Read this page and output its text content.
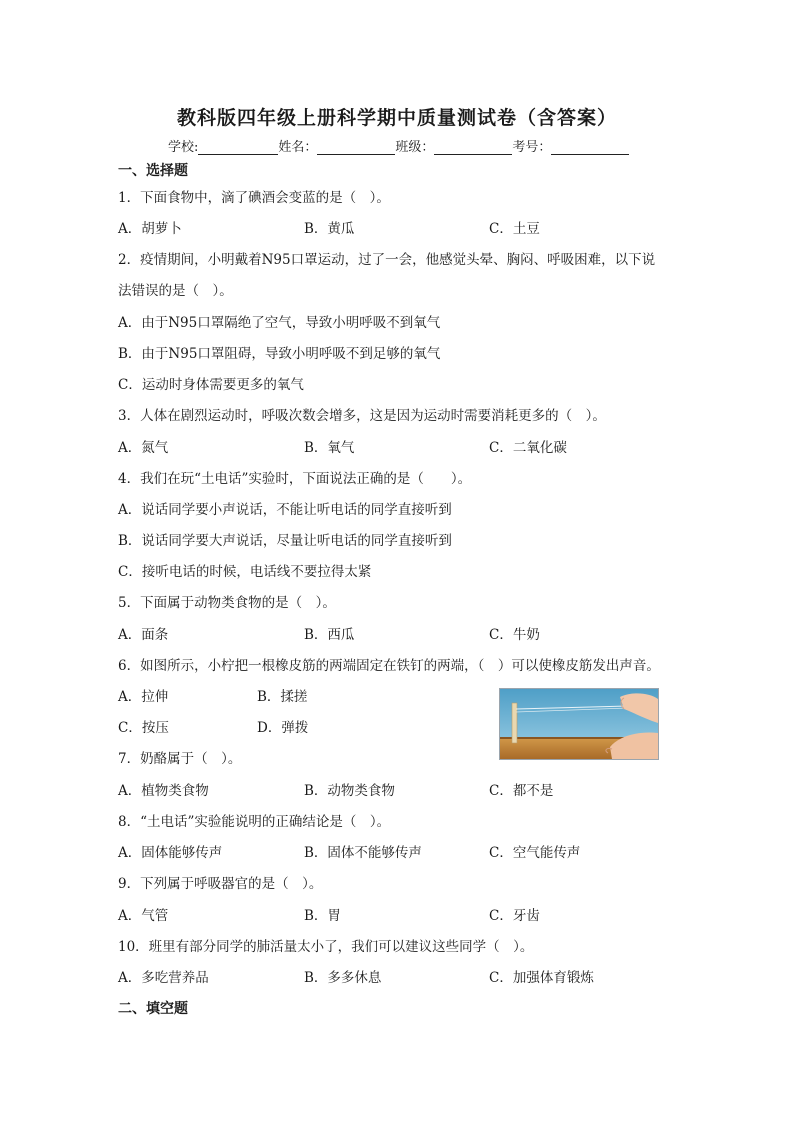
教科版四年级上册科学期中质量测试卷（含答案）
学校:	姓名：	班级：	考号：
一、选择题
1．下面食物中，滴了碘酒会变蓝的是（　）。
A．胡萝卜	B．黄瓜	C．土豆
2．疫情期间，小明戴着N95口罩运动，过了一会，他感觉头晕、胸闷、呼吸困难，以下说
法错误的是（　）。
A．由于N95口罩隔绝了空气，导致小明呼吸不到氧气
B．由于N95口罩阻碍，导致小明呼吸不到足够的氧气
C．运动时身体需要更多的氧气
3．人体在剧烈运动时，呼吸次数会增多，这是因为运动时需要消耗更多的（　）。
A．氮气	B．氧气	C．二氧化碳
4．我们在玩“土电话”实验时，下面说法正确的是（　　）。
A．说话同学要小声说话，不能让听电话的同学直接听到
B．说话同学要大声说话，尽量让听电话的同学直接听到
C．接听电话的时候，电话线不要拉得太紧
5．下面属于动物类食物的是（　）。
A．面条	B．西瓜	C．牛奶
6．如图所示，小柠把一根橡皮筋的两端固定在铁钉的两端，（　）可以使橡皮筋发出声音。
A．拉伸	B．揉搓
C．按压	D．弹拨
7．奶酪属于（　）。
A．植物类食物	B．动物类食物	C．都不是
8．“土电话”实验能说明的正确结论是（　）。
A．固体能够传声	B．固体不能够传声	C．空气能传声
9．下列属于呼吸器官的是（　）。
A．气管	B．胃	C．牙齿
10．班里有部分同学的肺活量太小了，我们可以建议这些同学（　）。
A．多吃营养品	B．多多休息	C．加强体育锻炼
二、填空题
